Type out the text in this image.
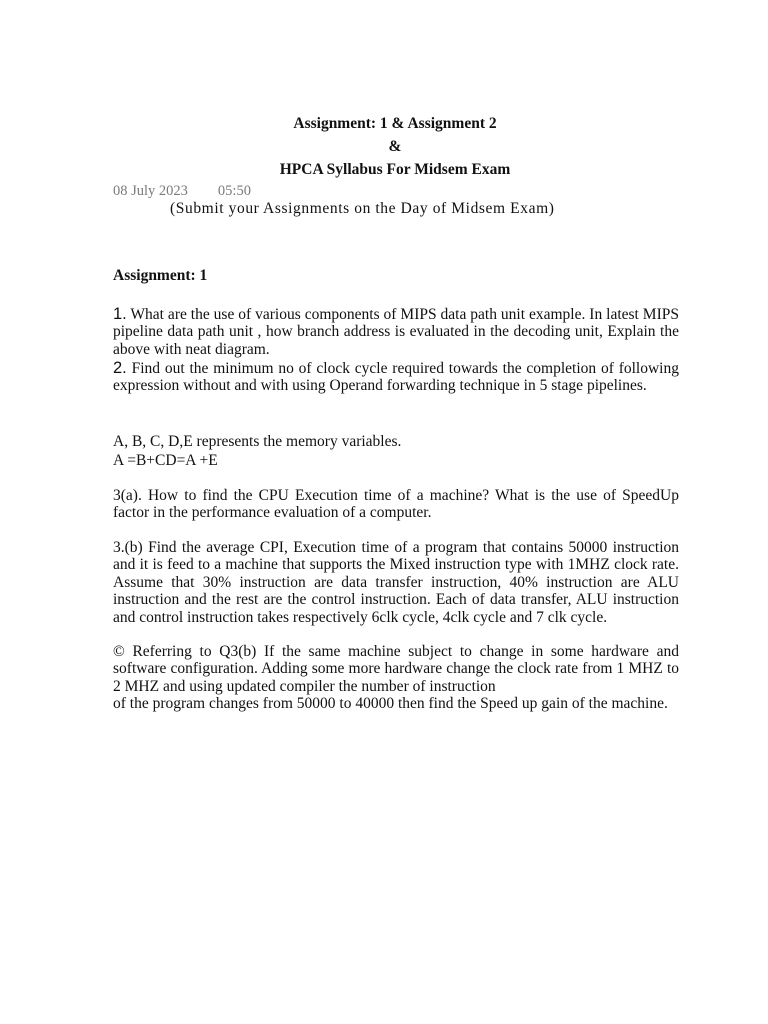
Assignment: 1 & Assignment 2
&
HPCA Syllabus For Midsem Exam
08 July 2023 05:50
(Submit your Assignments on the Day of Midsem Exam)
Assignment: 1
1. What are the use of various components of MIPS data path unit example. In latest MIPS pipeline data path unit , how branch address is evaluated in the decoding unit, Explain the above with neat diagram.
2. Find out the minimum no of clock cycle required towards the completion of following expression without and with using Operand forwarding technique in 5 stage pipelines.
A, B, C, D,E represents the memory variables.
A =B+CD=A +E
3(a). How to find the CPU Execution time of a machine? What is the use of SpeedUp factor in the performance evaluation of a computer.
3.(b) Find the average CPI, Execution time of a program that contains 50000 instruction and it is feed to a machine that supports the Mixed instruction type with 1MHZ clock rate. Assume that 30% instruction are data transfer instruction, 40% instruction are ALU instruction and the rest are the control instruction. Each of data transfer, ALU instruction and control instruction takes respectively 6clk cycle, 4clk cycle and 7 clk cycle.
© Referring to Q3(b) If the same machine subject to change in some hardware and software configuration. Adding some more hardware change the clock rate from 1 MHZ to 2 MHZ and using updated compiler the number of instruction
of the program changes from 50000 to 40000 then find the Speed up gain of the machine.
